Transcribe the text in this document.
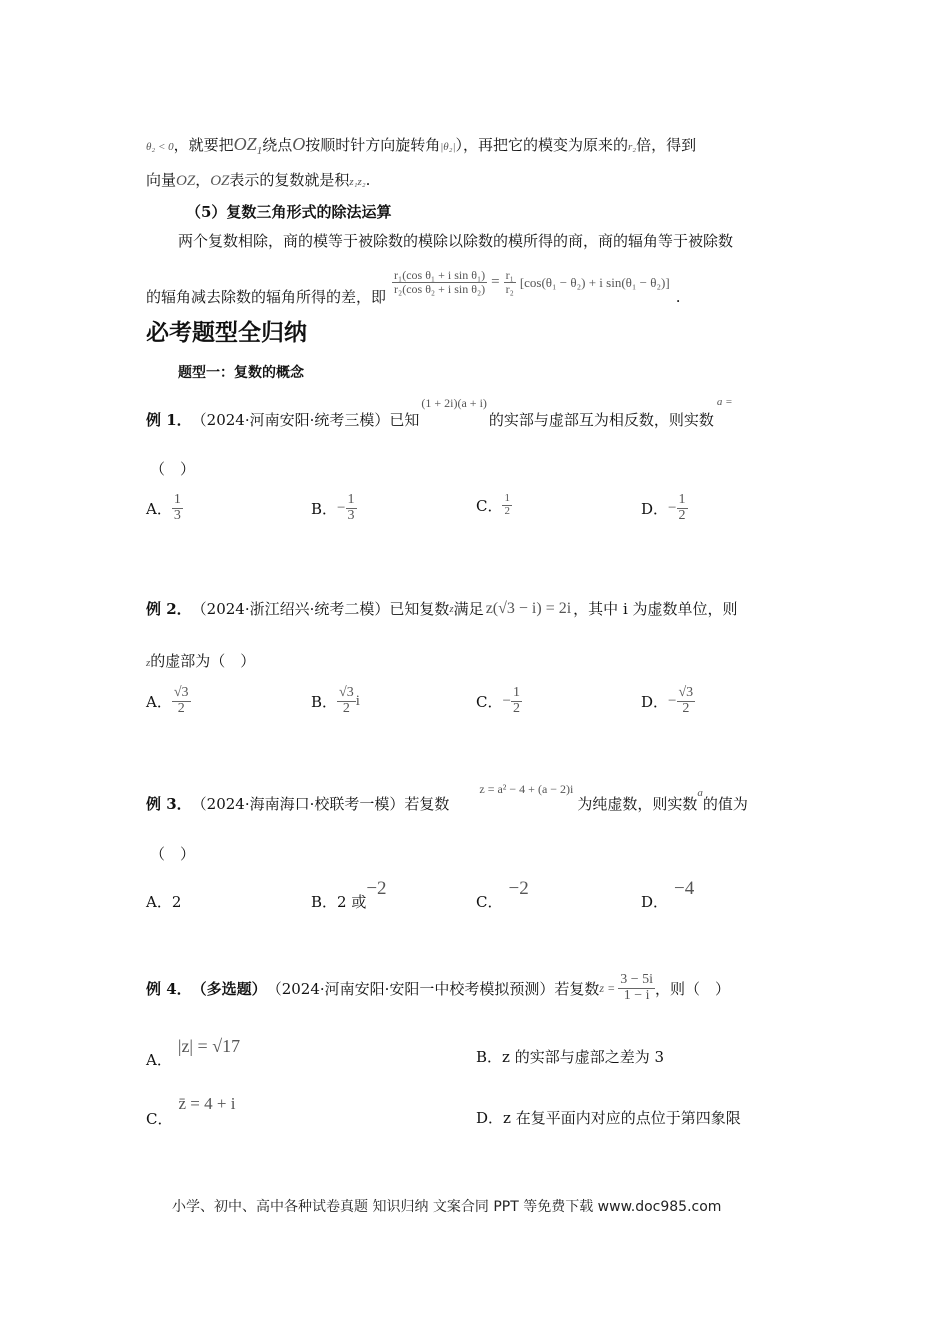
θ₂ < 0，就要把$OZ_1$绕点O按顺时针方向旋转角|θ₂|），再把它的模变为原来的r₂倍，得到
向量OZ，OZ表示的复数就是积z₁z₂.
（5）复数三角形式的除法运算
两个复数相除，商的模等于被除数的模除以除数的模所得的商，商的辐角等于被除数
的辐角减去除数的辐角所得的差，即
$\frac{\text{r₁(cos θ₁ + i sin θ₁)}}{\text{r₂(cos θ₂ + i sin θ₂)}} = \frac{\text{r₁}}{\text{r₂}} [\cos(\theta_1 - \theta_2) + i$ sin(θ₁ − θ₂)]
.
必考题型全归纳
题型一：复数的概念
例 1． （2024·河南安阳·统考三模）已知
(1 + 2i)(a + i)
的实部与虚部互为相反数，则实数
a =
（　）
A． $\frac{1}{3}$	B． − $\frac{1}{3}$	C． $\frac{1}{2}$	D． − $\frac{1}{2}$
例 2． （2024·浙江绍兴·统考二模）已知复数 z 满足 z(√3 − i) = 2i ，其中 i 为虚数单位，则
z的虚部为（　）
A． $\frac{√3}{2}$	B． $\frac{√3}{2}$ i	C． − $\frac{1}{2}$	D． − $\frac{√3}{2}$
例 3． （2024·海南海口·校联考一模）若复数
z = a² − 4 + (a − 2)i
为纯虚数，则实数
a
的值为
（　）
A．2	B． 2 或
−2
C．
−2
D．
−4
例 4． （多选题） （2024·河南安阳·安阳一中校考模拟预测）若复数 $z = \frac{3 - 5i}{1 - i}$ ，则（　）
A．
|z| = √17
B．z 的实部与虚部之差为 3
C．
z̄ = 4 + i
D．z 在复平面内对应的点位于第四象限
小学、初中、高中各种试卷真题 知识归纳 文案合同 PPT 等免费下载 www.doc985.com
